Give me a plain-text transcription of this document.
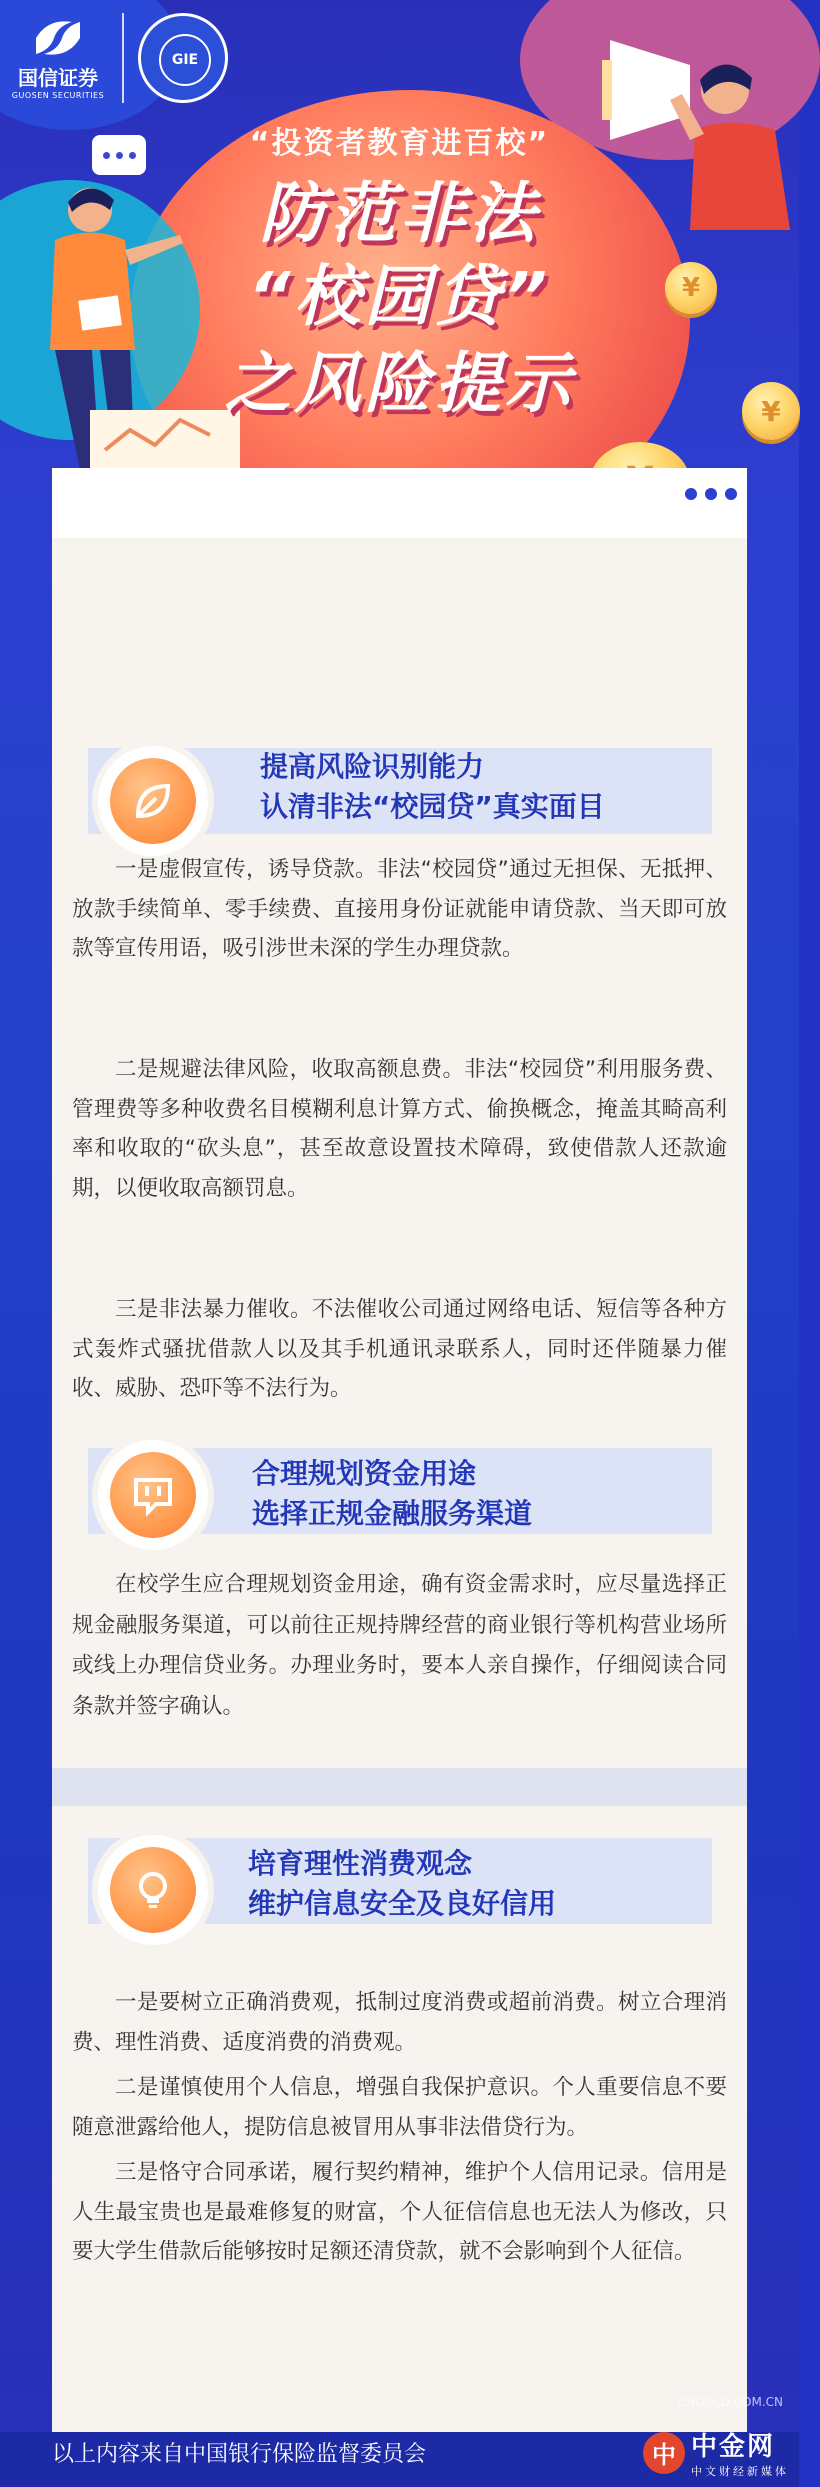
¥
¥
国信证券
GUOSEN SECURITIES
GIE
“投资者教育进百校”
防范非法
“校园贷”
之风险提示
提高风险识别能力
认清非法“校园贷”真实面目

一是虚假宣传，诱导贷款。非法“校园贷”通过无担保、无抵押、放款手续简单、零手续费、直接用身份证就能申请贷款、当天即可放款等宣传用语，吸引涉世未深的学生办理贷款。

二是规避法律风险，收取高额息费。非法“校园贷”利用服务费、管理费等多种收费名目模糊利息计算方式、偷换概念，掩盖其畸高利率和收取的“砍头息”，甚至故意设置技术障碍，致使借款人还款逾期，以便收取高额罚息。

三是非法暴力催收。不法催收公司通过网络电话、短信等各种方式轰炸式骚扰借款人以及其手机通讯录联系人，同时还伴随暴力催收、威胁、恐吓等不法行为。

合理规划资金用途
选择正规金融服务渠道

在校学生应合理规划资金用途，确有资金需求时，应尽量选择正规金融服务渠道，可以前往正规持牌经营的商业银行等机构营业场所或线上办理信贷业务。办理业务时，要本人亲自操作，仔细阅读合同条款并签字确认。

培育理性消费观念
维护信息安全及良好信用

一是要树立正确消费观，抵制过度消费或超前消费。树立合理消费、理性消费、适度消费的消费观。

二是谨慎使用个人信息，增强自我保护意识。个人重要信息不要随意泄露给他人，提防信息被冒用从事非法借贷行为。

三是恪守合同承诺，履行契约精神，维护个人信用记录。信用是人生最宝贵也是最难修复的财富，个人征信信息也无法人为修改，只要大学生借款后能够按时足额还清贷款，就不会影响到个人征信。

以上内容来自中国银行保险监督委员会
CNGOLD.COM.CN
中 中金网
中文财经新媒体
